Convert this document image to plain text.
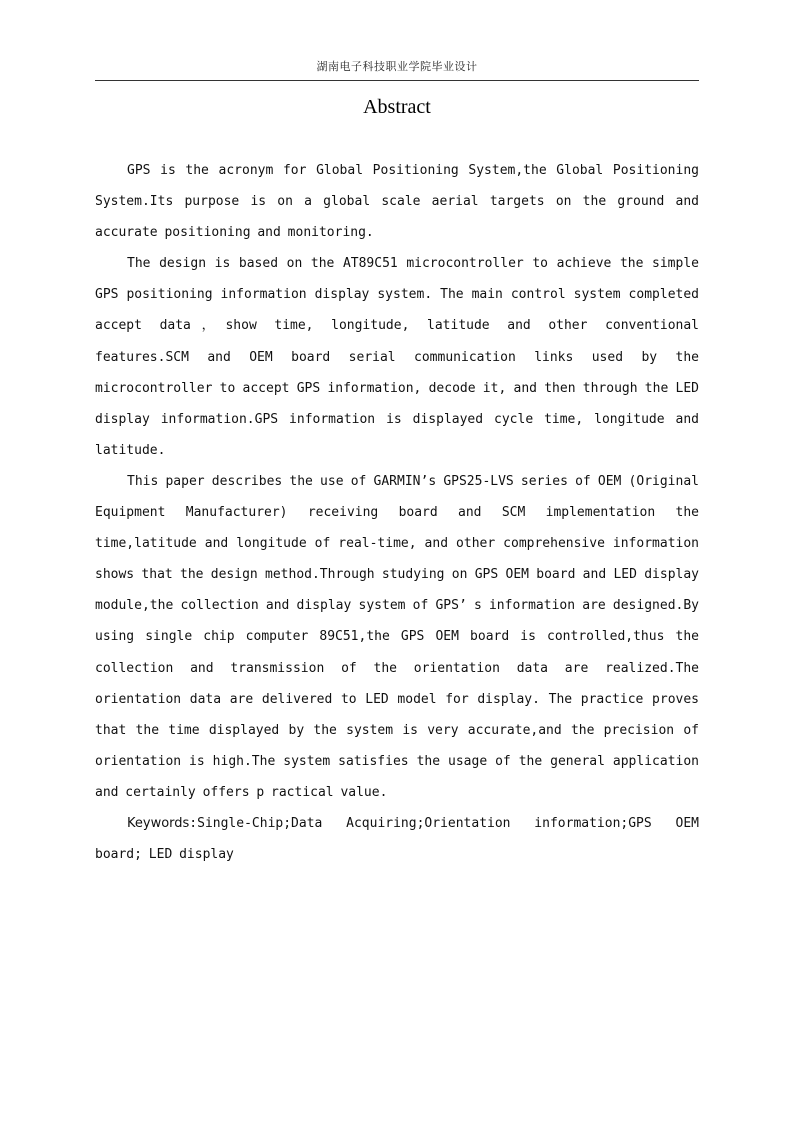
湖南电子科技职业学院毕业设计
Abstract

GPS is the acronym for Global Positioning System,the Global Positioning System.Its purpose is on a global scale aerial targets on the ground and accurate positioning and monitoring.

The design is based on the AT89C51 microcontroller to achieve the simple GPS positioning information display system. The main control system completed accept data，show time, longitude, latitude and other conventional features.SCM and OEM board serial communication links used by the microcontroller to accept GPS information, decode it, and then through the LED display information.GPS information is displayed cycle time, longitude and latitude.

This paper describes the use of GARMIN’s GPS25-LVS series of OEM (Original Equipment Manufacturer) receiving board and SCM implementation the time,latitude and longitude of real-time, and other comprehensive information shows that the design method.Through studying on GPS OEM board and LED display module,the collection and display system of GPS’ s information are designed.By using single chip computer 89C51,the GPS OEM board is controlled,thus the collection and transmission of the orientation data are realized.The orientation data are delivered to LED model for display. The practice proves that the time displayed by the system is very accurate,and the precision of orientation is high.The system satisfies the usage of the general application and certainly offers p ractical value.

Keywords:Single-Chip;Data Acquiring;Orientation information;GPS OEM board; LED display
